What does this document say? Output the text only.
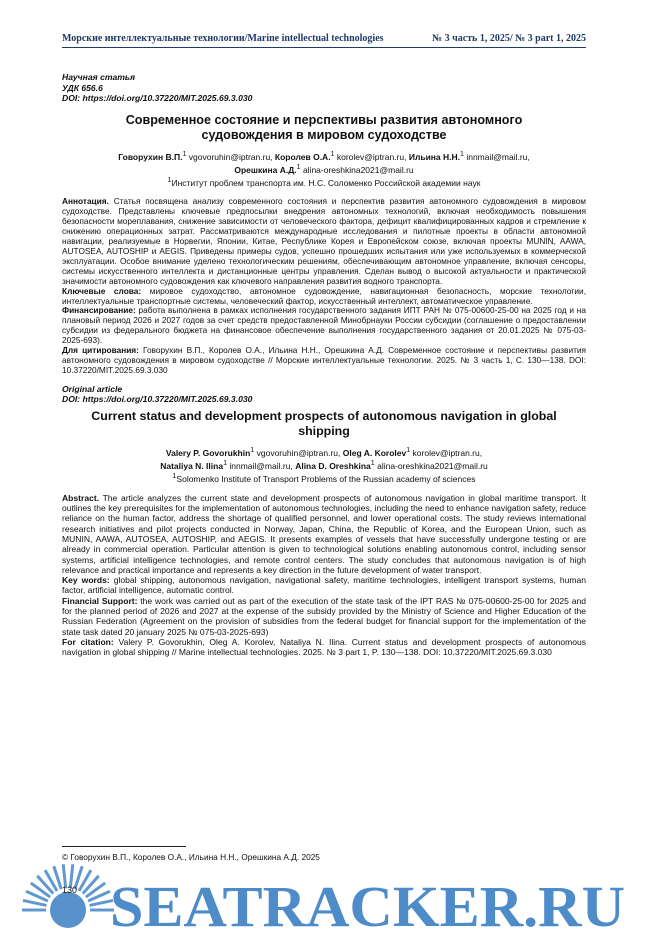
Морские интеллектуальные технологии/Marine intellectual technologies	№ 3 часть 1, 2025/ № 3 part 1, 2025
Научная статья
УДК 656.6
DOI: https://doi.org/10.37220/MIT.2025.69.3.030
Современное состояние и перспективы развития автономного судовождения в мировом судоходстве
Говорухин В.П.$^1$ vgovoruhin@iptran.ru, Королев О.А.$^1$ korolev@iptran.ru, Ильина Н.Н.$^1$ innmail@mail.ru,
Орешкина А.Д.$^1$ alina-oreshkina2021@mail.ru
$^1$Институт проблем транспорта им. Н.С. Соломенко Российской академии наук

Аннотация. Статья посвящена анализу современного состояния и перспектив развития автономного судовождения в мировом судоходстве. Представлены ключевые предпосылки внедрения автономных технологий, включая необходимость повышения безопасности мореплавания, снижение зависимости от человеческого фактора, дефицит квалифицированных кадров и стремление к снижению операционных затрат. Рассматриваются международные исследования и пилотные проекты в области автономной навигации, реализуемые в Норвегии, Японии, Китае, Республике Корея и Европейском союзе, включая проекты MUNIN, AAWA, AUTOSEA, AUTOSHIP и AEGIS. Приведены примеры судов, успешно прошедших испытания или уже используемых в коммерческой эксплуатации. Особое внимание уделено технологическим решениям, обеспечивающим автономное управление, включая сенсоры, системы искусственного интеллекта и дистанционные центры управления. Сделан вывод о высокой актуальности и практической значимости автономного судовождения как ключевого направления развития водного транспорта.

Ключевые слова: мировое судоходство, автономное судовождение, навигационная безопасность, морские технологии, интеллектуальные транспортные системы, человеческий фактор, искусственный интеллект, автоматическое управление.

Финансирование: работа выполнена в рамках исполнения государственного задания ИПТ РАН № 075-00600-25-00 на 2025 год и на плановый период 2026 и 2027 годов за счет средств предоставленной Минобрнауки России субсидии (соглашение о предоставлении субсидии из федерального бюджета на финансовое обеспечение выполнения государственного задания от 20.01.2025 № 075-03-2025-693).

Для цитирования: Говорухин В.П., Королев О.А., Ильина Н.Н., Орешкина А.Д. Современное состояние и перспективы развития автономного судовождения в мировом судоходстве // Морские интеллектуальные технологии. 2025. № 3 часть 1, С. 130—138. DOI: 10.37220/MIT.2025.69.3.030

Original article
DOI: https://doi.org/10.37220/MIT.2025.69.3.030
Current status and development prospects of autonomous navigation in global shipping
Valery P. Govorukhin$^1$ vgovoruhin@iptran.ru, Oleg A. Korolev$^1$ korolev@iptran.ru,
Nataliya N. Ilina$^1$ innmail@mail.ru, Alina D. Oreshkina$^1$ alina-oreshkina2021@mail.ru
$^1$Solomenko Institute of Transport Problems of the Russian academy of sciences

Abstract. The article analyzes the current state and development prospects of autonomous navigation in global maritime transport. It outlines the key prerequisites for the implementation of autonomous technologies, including the need to enhance navigation safety, reduce reliance on the human factor, address the shortage of qualified personnel, and lower operational costs. The study reviews international research initiatives and pilot projects conducted in Norway, Japan, China, the Republic of Korea, and the European Union, such as MUNIN, AAWA, AUTOSEA, AUTOSHIP, and AEGIS. It presents examples of vessels that have successfully undergone testing or are already in commercial operation. Particular attention is given to technological solutions enabling autonomous control, including sensor systems, artificial intelligence technologies, and remote control centers. The study concludes that autonomous navigation is of high relevance and practical importance and represents a key direction in the future development of water transport.

Key words: global shipping, autonomous navigation, navigational safety, maritime technologies, intelligent transport systems, human factor, artificial intelligence, automatic control.

Financial Support: the work was carried out as part of the execution of the state task of the IPT RAS № 075-00600-25-00 for 2025 and for the planned period of 2026 and 2027 at the expense of the subsidy provided by the Ministry of Science and Higher Education of the Russian Federation (Agreement on the provision of subsidies from the federal budget for financial support for the implementation of the state task dated 20 january 2025 № 075-03-2025-693)

For citation: Valery P. Govorukhin, Oleg A. Korolev, Nataliya N. Ilina. Current status and development prospects of autonomous navigation in global shipping // Marine intellectual technologies. 2025. № 3 part 1, P. 130—138. DOI: 10.37220/MIT.2025.69.3.030

SEATRACKER.RU
© Говорухин В.П., Королев О.А., Ильина Н.Н., Орешкина А.Д. 2025
130
